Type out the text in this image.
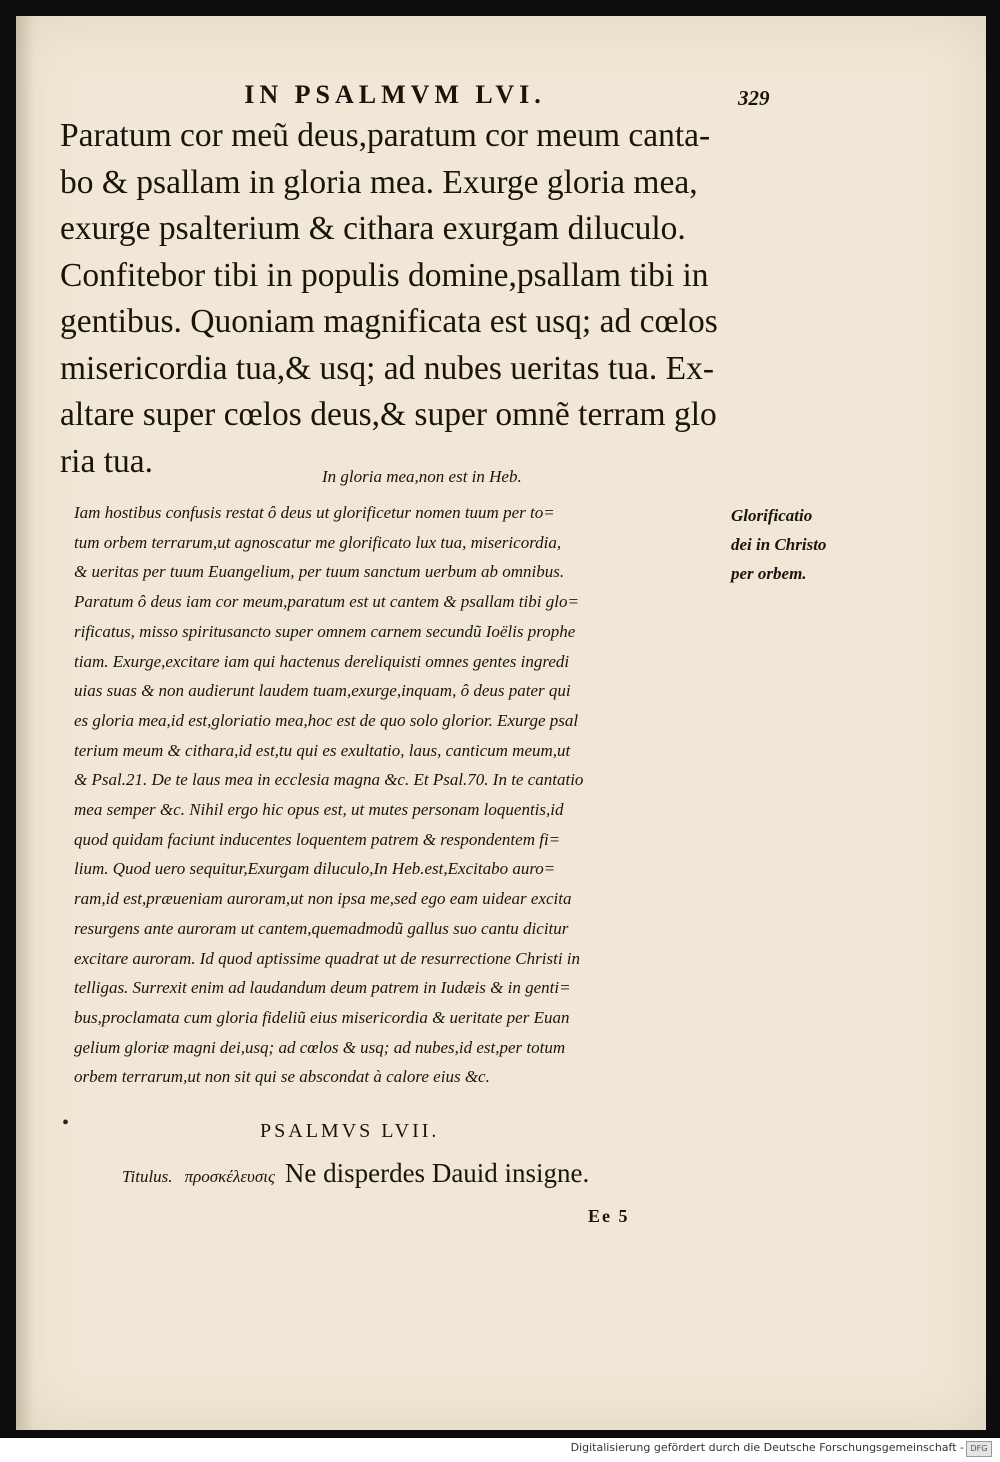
IN PSALMVM LVI.	329
Paratum cor meũ deus,paratum cor meum canta-
bo & psallam in gloria mea. Exurge gloria mea,
exurge psalterium & cithara exurgam diluculo.
Confitebor tibi in populis domine,psallam tibi in
gentibus. Quoniam magnificata est usq; ad cœlos
misericordia tua,& usq; ad nubes ueritas tua. Ex-
altare super cœlos deus,& super omnẽ terram glo
ria tua.	In gloria mea,non est in Heb.
Iam hostibus confusis restat ô deus ut glorificetur nomen tuum per to=
tum orbem terrarum,ut agnoscatur me glorificato lux tua, misericordia,
& ueritas per tuum Euangelium, per tuum sanctum uerbum ab omnibus.
Paratum ô deus iam cor meum,paratum est ut cantem & psallam tibi glo=
rificatus, misso spiritusancto super omnem carnem secundũ Ioëlis prophe
tiam. Exurge,excitare iam qui hactenus dereliquisti omnes gentes ingredi
uias suas & non audierunt laudem tuam,exurge,inquam, ô deus pater qui
es gloria mea,id est,gloriatio mea,hoc est de quo solo glorior. Exurge psal
terium meum & cithara,id est,tu qui es exultatio, laus, canticum meum,ut
& Psal.21. De te laus mea in ecclesia magna &c. Et Psal.70. In te cantatio
mea semper &c. Nihil ergo hic opus est, ut mutes personam loquentis,id
quod quidam faciunt inducentes loquentem patrem & respondentem fi=
lium. Quod uero sequitur,Exurgam diluculo,In Heb.est,Excitabo auro=
ram,id est,præueniam auroram,ut non ipsa me,sed ego eam uidear excita
resurgens ante auroram ut cantem,quemadmodũ gallus suo cantu dicitur
excitare auroram. Id quod aptissime quadrat ut de resurrectione Christi in
telligas. Surrexit enim ad laudandum deum patrem in Iudæis & in genti=
bus,proclamata cum gloria fideliũ eius misericordia & ueritate per Euan
gelium gloriæ magni dei,usq; ad cœlos & usq; ad nubes,id est,per totum
orbem terrarum,ut non sit qui se abscondat à calore eius &c.
Glorificatio
dei in Christo
per orbem.
•	PSALMVS LVII.
Titulus. προσκέλευσις Ne disperdes Dauid insigne.
Ee 5
Digitalisierung gefördert durch die Deutsche Forschungsgemeinschaft - DFG
